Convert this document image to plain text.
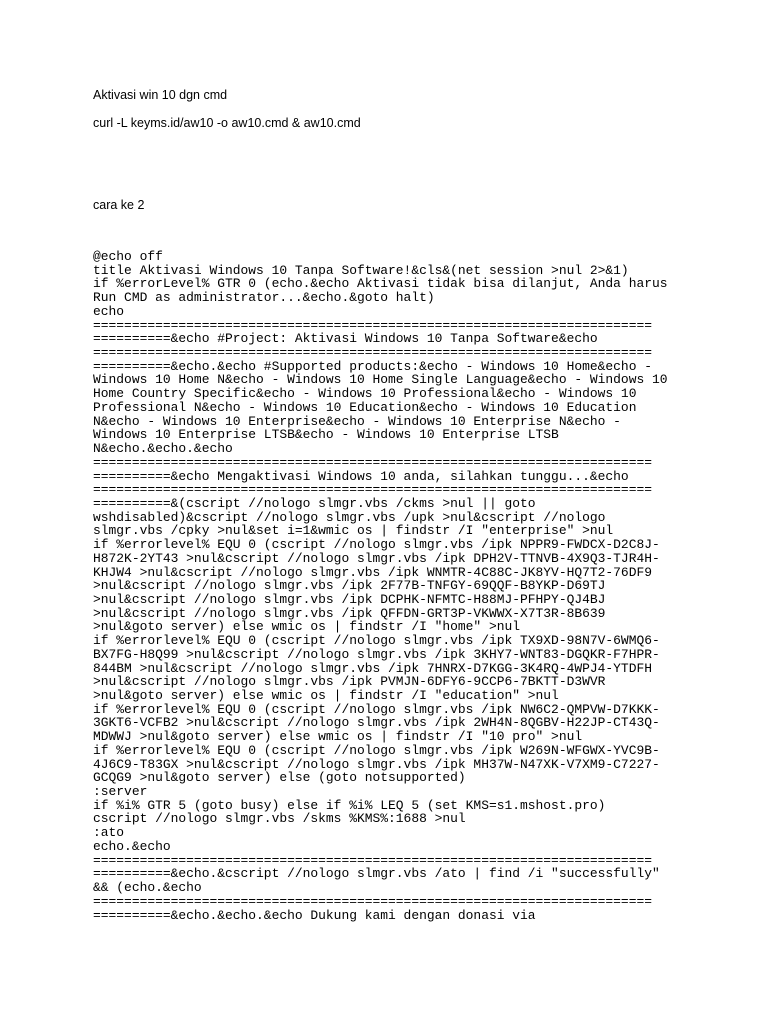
Aktivasi win 10 dgn cmd

curl -L keyms.id/aw10 -o aw10.cmd & aw10.cmd

cara ke 2

@echo off
title Aktivasi Windows 10 Tanpa Software!&cls&(net session >nul 2>&1)
if %errorLevel% GTR 0 (echo.&echo Aktivasi tidak bisa dilanjut, Anda harus
Run CMD as administrator...&echo.&goto halt)
echo
========================================================================
==========&echo #Project: Aktivasi Windows 10 Tanpa Software&echo
========================================================================
==========&echo.&echo #Supported products:&echo - Windows 10 Home&echo -
Windows 10 Home N&echo - Windows 10 Home Single Language&echo - Windows 10
Home Country Specific&echo - Windows 10 Professional&echo - Windows 10
Professional N&echo - Windows 10 Education&echo - Windows 10 Education
N&echo - Windows 10 Enterprise&echo - Windows 10 Enterprise N&echo -
Windows 10 Enterprise LTSB&echo - Windows 10 Enterprise LTSB
N&echo.&echo.&echo
========================================================================
==========&echo Mengaktivasi Windows 10 anda, silahkan tunggu...&echo
========================================================================
==========&(cscript //nologo slmgr.vbs /ckms >nul || goto
wshdisabled)&cscript //nologo slmgr.vbs /upk >nul&cscript //nologo
slmgr.vbs /cpky >nul&set i=1&wmic os | findstr /I "enterprise" >nul
if %errorlevel% EQU 0 (cscript //nologo slmgr.vbs /ipk NPPR9-FWDCX-D2C8J-
H872K-2YT43 >nul&cscript //nologo slmgr.vbs /ipk DPH2V-TTNVB-4X9Q3-TJR4H-
KHJW4 >nul&cscript //nologo slmgr.vbs /ipk WNMTR-4C88C-JK8YV-HQ7T2-76DF9
>nul&cscript //nologo slmgr.vbs /ipk 2F77B-TNFGY-69QQF-B8YKP-D69TJ
>nul&cscript //nologo slmgr.vbs /ipk DCPHK-NFMTC-H88MJ-PFHPY-QJ4BJ
>nul&cscript //nologo slmgr.vbs /ipk QFFDN-GRT3P-VKWWX-X7T3R-8B639
>nul&goto server) else wmic os | findstr /I "home" >nul
if %errorlevel% EQU 0 (cscript //nologo slmgr.vbs /ipk TX9XD-98N7V-6WMQ6-
BX7FG-H8Q99 >nul&cscript //nologo slmgr.vbs /ipk 3KHY7-WNT83-DGQKR-F7HPR-
844BM >nul&cscript //nologo slmgr.vbs /ipk 7HNRX-D7KGG-3K4RQ-4WPJ4-YTDFH
>nul&cscript //nologo slmgr.vbs /ipk PVMJN-6DFY6-9CCP6-7BKTT-D3WVR
>nul&goto server) else wmic os | findstr /I "education" >nul
if %errorlevel% EQU 0 (cscript //nologo slmgr.vbs /ipk NW6C2-QMPVW-D7KKK-
3GKT6-VCFB2 >nul&cscript //nologo slmgr.vbs /ipk 2WH4N-8QGBV-H22JP-CT43Q-
MDWWJ >nul&goto server) else wmic os | findstr /I "10 pro" >nul
if %errorlevel% EQU 0 (cscript //nologo slmgr.vbs /ipk W269N-WFGWX-YVC9B-
4J6C9-T83GX >nul&cscript //nologo slmgr.vbs /ipk MH37W-N47XK-V7XM9-C7227-
GCQG9 >nul&goto server) else (goto notsupported)
:server
if %i% GTR 5 (goto busy) else if %i% LEQ 5 (set KMS=s1.mshost.pro)
cscript //nologo slmgr.vbs /skms %KMS%:1688 >nul
:ato
echo.&echo
========================================================================
==========&echo.&cscript //nologo slmgr.vbs /ato | find /i "successfully"
&& (echo.&echo
========================================================================
==========&echo.&echo.&echo Dukung kami dengan donasi via
